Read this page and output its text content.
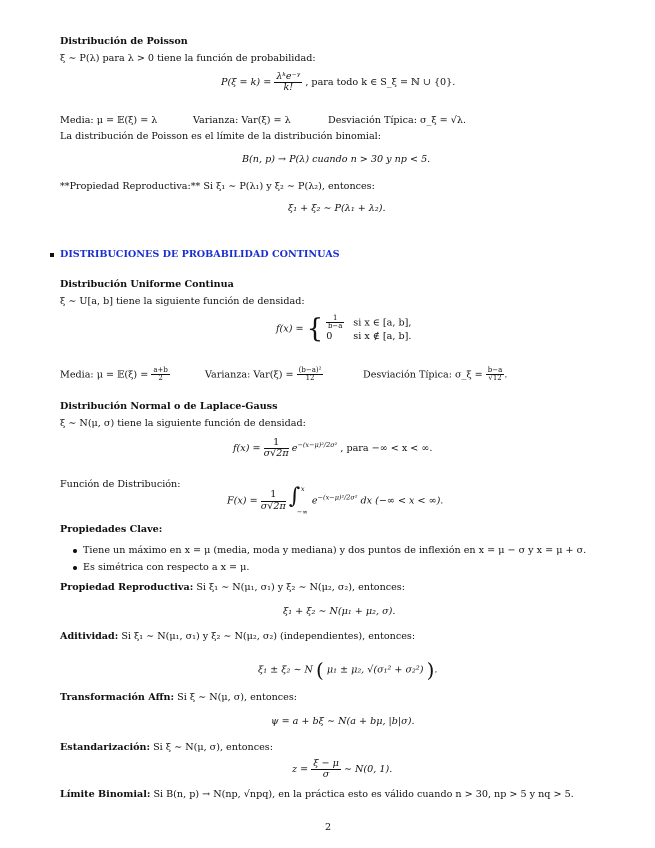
Distribución de Poisson
ξ ∼ P(λ) para λ > 0 tiene la función de probabilidad:
$P(\xi = k) = \frac{\text{λᵏe⁻ᵞ}}{k!}$ , para todo k ∈ S_ξ = ℕ ∪ {0}.
Media: μ = 𝔼(ξ) = λ	Varianza: Var(ξ) = λ	Desviación Típica: σ_ξ = √λ.
La distribución de Poisson es el límite de la distribución binomial:
B(n, p) → P(λ) cuando n > 30 y np < 5.
**Propiedad Reproductiva:** Si ξ₁ ∼ P(λ₁) y ξ₂ ∼ P(λ₂), entonces:
ξ₁ + ξ₂ ∼ P(λ₁ + λ₂).
DISTRIBUCIONES DE PROBABILIDAD CONTINUAS
Distribución Uniforme Continua
ξ ∼ U[a, b] tiene la siguiente función de densidad:
f(x) = { $\frac{1}{b-a}$ si x ∈ [a, b],
0 si x ∉ [a, b].
Media: μ = 𝔼(ξ) = $\frac{a+b}{2}$	Varianza: $Var(\xi) = \frac{\text{(b−a)²}}{12}$	Desviación Típica: σ_ξ = $\frac{b-a}{√12}$ .
Distribución Normal o de Laplace-Gauss
ξ ∼ N(μ, σ) tiene la siguiente función de densidad:
$f(x) = \frac{1}{\sigma√2\pi} e^{-(x-\mu)^2/2\sigma^2}$ , para −∞ < x < ∞.
Función de Distribución:
$F(x) = \frac{1}{\sigma√2\pi}$
∫ x
−∞
$e^{-(x-\mu)^2/2\sigma^2}$ dx (−∞ < x < ∞).
Propiedades Clave:
Tiene un máximo en x = μ (media, moda y mediana) y dos puntos de inflexión en x = μ − σ y x = μ + σ.
Es simétrica con respecto a x = μ.
Propiedad Reproductiva: Si ξ₁ ∼ N(μ₁, σ₁) y ξ₂ ∼ N(μ₂, σ₂), entonces:
ξ₁ + ξ₂ ∼ N(μ₁ + μ₂, σ).
Aditividad: Si ξ₁ ∼ N(μ₁, σ₁) y ξ₂ ∼ N(μ₂, σ₂) (independientes), entonces:
ξ₁ ± ξ₂ ∼ N ( μ₁ ± μ₂, √(σ₁² + σ₂²) ).
Transformación Affn: Si ξ ∼ N(μ, σ), entonces:
ψ = a + bξ ∼ N(a + bμ, |b|σ).
Estandarización: Si ξ ∼ N(μ, σ), entonces:
$z = \frac{\xi - \mu}{\sigma}$ ∼ N(0, 1).
Límite Binomial: Si B(n, p) → N(np, √npq), en la práctica esto es válido cuando n > 30, np > 5 y nq > 5.
2
